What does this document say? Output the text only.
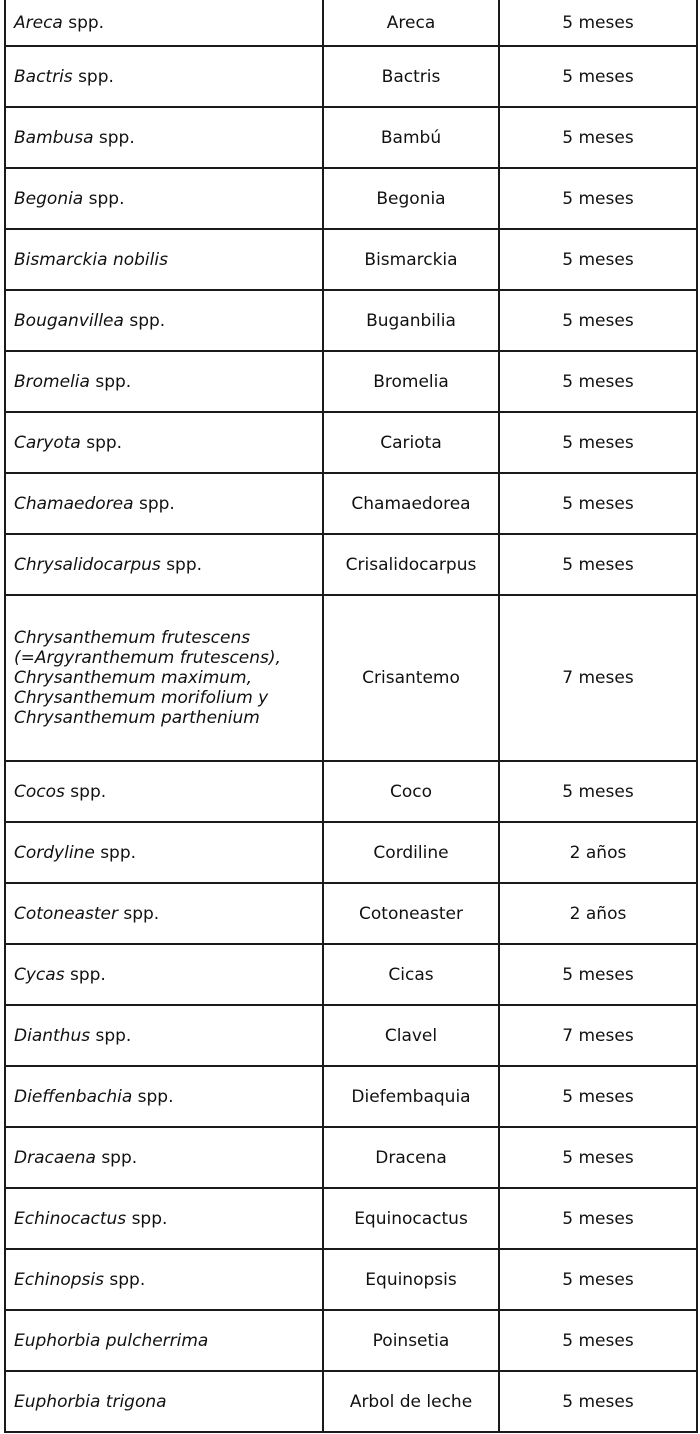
Areca spp.	Areca	5 meses
Bactris spp.	Bactris	5 meses
Bambusa spp.	Bambú	5 meses
Begonia spp.	Begonia	5 meses
Bismarckia nobilis	Bismarckia	5 meses
Bouganvillea spp.	Buganbilia	5 meses
Bromelia spp.	Bromelia	5 meses
Caryota spp.	Cariota	5 meses
Chamaedorea spp.	Chamaedorea	5 meses
Chrysalidocarpus spp.	Crisalidocarpus	5 meses
Chrysanthemum frutescens (=Argyranthemum frutescens), Chrysanthemum maximum, Chrysanthemum morifolium y Chrysanthemum parthenium	Crisantemo	7 meses
Cocos spp.	Coco	5 meses
Cordyline spp.	Cordiline	2 años
Cotoneaster spp.	Cotoneaster	2 años
Cycas spp.	Cicas	5 meses
Dianthus spp.	Clavel	7 meses
Dieffenbachia spp.	Diefembaquia	5 meses
Dracaena spp.	Dracena	5 meses
Echinocactus spp.	Equinocactus	5 meses
Echinopsis spp.	Equinopsis	5 meses
Euphorbia pulcherrima	Poinsetia	5 meses
Euphorbia trigona	Arbol de leche	5 meses
